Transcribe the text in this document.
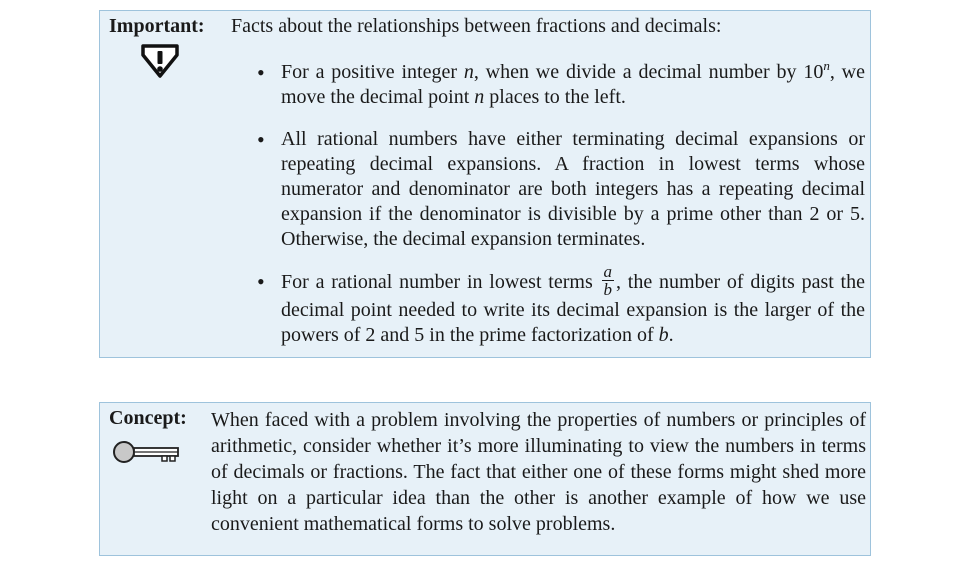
Important: Facts about the relationships between fractions and decimals:
• For a positive integer n, when we divide a decimal number by 10$^n$, we move the decimal point n places to the left.
• All rational numbers have either terminating decimal expansions or repeating decimal expansions. A fraction in lowest terms whose numerator and denominator are both integers has a repeating decimal expansion if the denominator is divisible by a prime other than 2 or 5. Otherwise, the decimal expansion terminates.
• For a rational number in lowest terms $\frac{a}{b}$ , the number of digits past the decimal point needed to write its decimal expansion is the larger of the powers of 2 and 5 in the prime factorization of b.
Concept: When faced with a problem involving the properties of numbers or principles of arithmetic, consider whether it’s more illuminating to view the numbers in terms of decimals or fractions. The fact that either one of these forms might shed more light on a particular idea than the other is another example of how we use convenient mathematical forms to solve problems.
